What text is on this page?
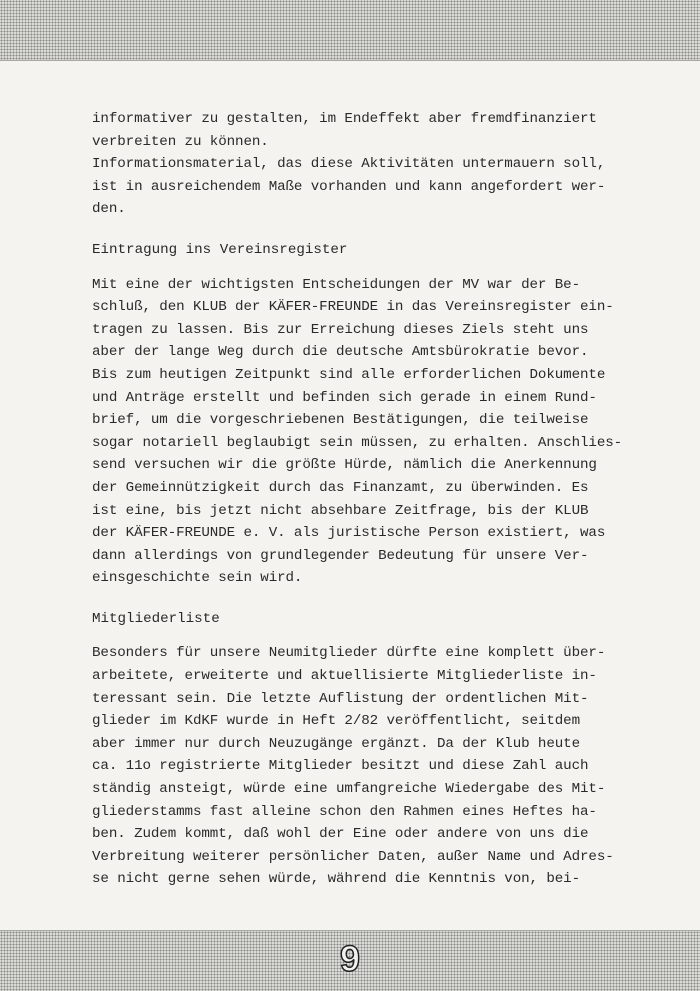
informativer zu gestalten, im Endeffekt aber fremdfinanziert
verbreiten zu können.
Informationsmaterial, das diese Aktivitäten untermauern soll,
ist in ausreichendem Maße vorhanden und kann angefordert wer-
den.
Eintragung ins Vereinsregister
Mit eine der wichtigsten Entscheidungen der MV war der Be-
schluß, den KLUB der KÄFER-FREUNDE in das Vereinsregister ein-
tragen zu lassen. Bis zur Erreichung dieses Ziels steht uns
aber der lange Weg durch die deutsche Amtsbürokratie bevor.
Bis zum heutigen Zeitpunkt sind alle erforderlichen Dokumente
und Anträge erstellt und befinden sich gerade in einem Rund-
brief, um die vorgeschriebenen Bestätigungen, die teilweise
sogar notariell beglaubigt sein müssen, zu erhalten. Anschlies-
send versuchen wir die größte Hürde, nämlich die Anerkennung
der Gemeinnützigkeit durch das Finanzamt, zu überwinden. Es
ist eine, bis jetzt nicht absehbare Zeitfrage, bis der KLUB
der KÄFER-FREUNDE e. V. als juristische Person existiert, was
dann allerdings von grundlegender Bedeutung für unsere Ver-
einsgeschichte sein wird.
Mitgliederliste
Besonders für unsere Neumitglieder dürfte eine komplett über-
arbeitete, erweiterte und aktuellisierte Mitgliederliste in-
teressant sein. Die letzte Auflistung der ordentlichen Mit-
glieder im KdKF wurde in Heft 2/82 veröffentlicht, seitdem
aber immer nur durch Neuzugänge ergänzt. Da der Klub heute
ca. 11o registrierte Mitglieder besitzt und diese Zahl auch
ständig ansteigt, würde eine umfangreiche Wiedergabe des Mit-
gliederstamms fast alleine schon den Rahmen eines Heftes ha-
ben. Zudem kommt, daß wohl der Eine oder andere von uns die
Verbreitung weiterer persönlicher Daten, außer Name und Adres-
se nicht gerne sehen würde, während die Kenntnis von, bei-
9
